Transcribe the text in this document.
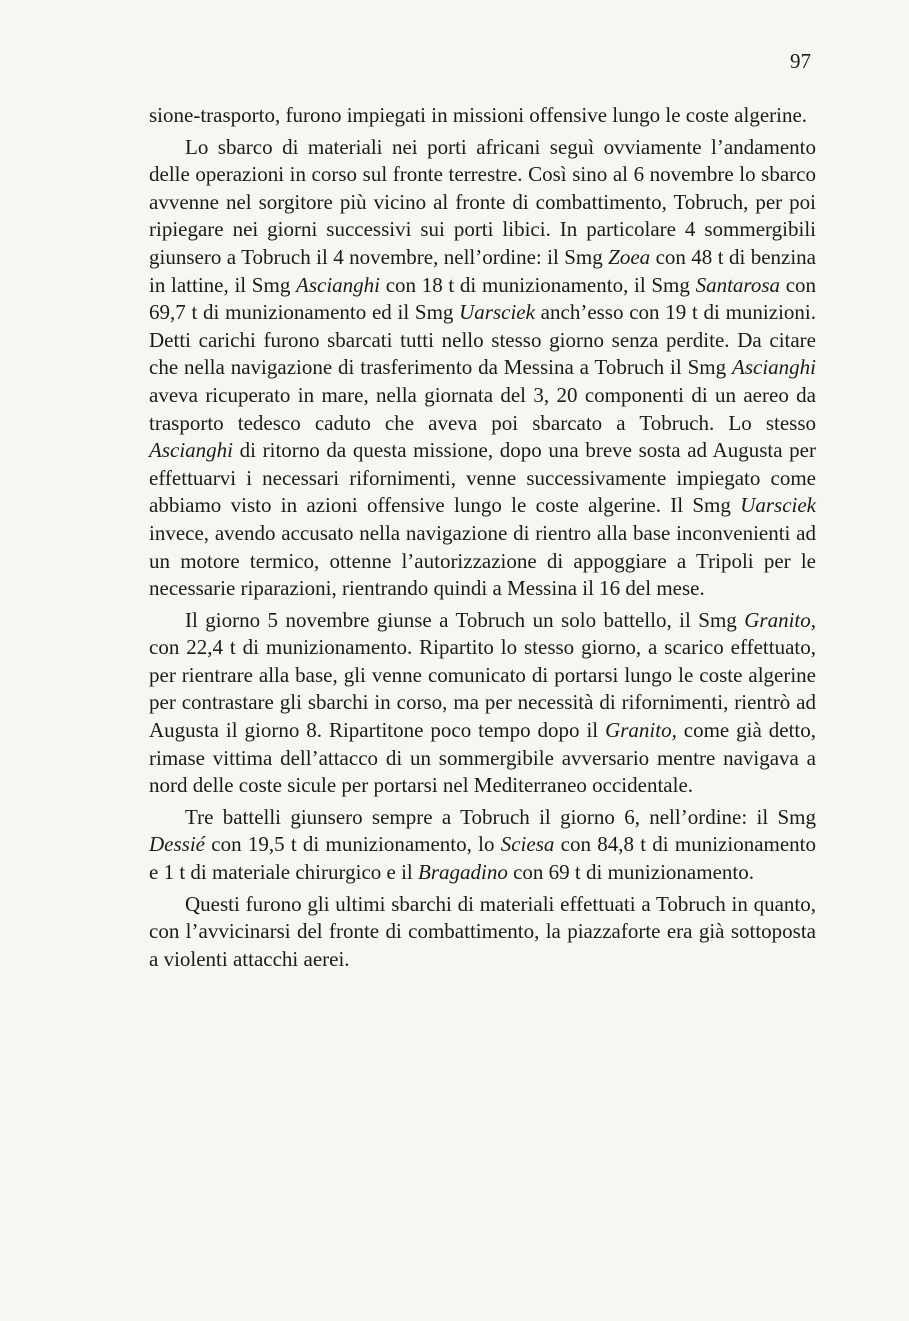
97

sione-trasporto, furono impiegati in missioni offensive lungo le coste algerine.

Lo sbarco di materiali nei porti africani seguì ovviamente l’andamento delle operazioni in corso sul fronte terrestre. Così sino al 6 novembre lo sbarco avvenne nel sorgitore più vicino al fronte di combattimento, Tobruch, per poi ripiegare nei giorni successivi sui porti libici. In particolare 4 sommergibili giunsero a Tobruch il 4 novembre, nell’ordine: il Smg Zoea con 48 t di benzina in lattine, il Smg Ascianghi con 18 t di munizionamento, il Smg Santarosa con 69,7 t di munizionamento ed il Smg Uarsciek anch’esso con 19 t di munizioni. Detti carichi furono sbarcati tutti nello stesso giorno senza perdite. Da citare che nella navigazione di trasferimento da Messina a Tobruch il Smg Ascianghi aveva ricuperato in mare, nella giornata del 3, 20 componenti di un aereo da trasporto tedesco caduto che aveva poi sbarcato a Tobruch. Lo stesso Ascianghi di ritorno da questa missione, dopo una breve sosta ad Augusta per effettuarvi i necessari rifornimenti, venne successivamente impiegato come abbiamo visto in azioni offensive lungo le coste algerine. Il Smg Uarsciek invece, avendo accusato nella navigazione di rientro alla base inconvenienti ad un motore termico, ottenne l’autorizzazione di appoggiare a Tripoli per le necessarie riparazioni, rientrando quindi a Messina il 16 del mese.

Il giorno 5 novembre giunse a Tobruch un solo battello, il Smg Granito, con 22,4 t di munizionamento. Ripartito lo stesso giorno, a scarico effettuato, per rientrare alla base, gli venne comunicato di portarsi lungo le coste algerine per contrastare gli sbarchi in corso, ma per necessità di rifornimenti, rientrò ad Augusta il giorno 8. Ripartitone poco tempo dopo il Granito, come già detto, rimase vittima dell’attacco di un sommergibile avversario mentre navigava a nord delle coste sicule per portarsi nel Mediterraneo occidentale.

Tre battelli giunsero sempre a Tobruch il giorno 6, nell’ordine: il Smg Dessié con 19,5 t di munizionamento, lo Sciesa con 84,8 t di munizionamento e 1 t di materiale chirurgico e il Bragadino con 69 t di munizionamento.

Questi furono gli ultimi sbarchi di materiali effettuati a Tobruch in quanto, con l’avvicinarsi del fronte di combattimento, la piazzaforte era già sottoposta a violenti attacchi aerei.
